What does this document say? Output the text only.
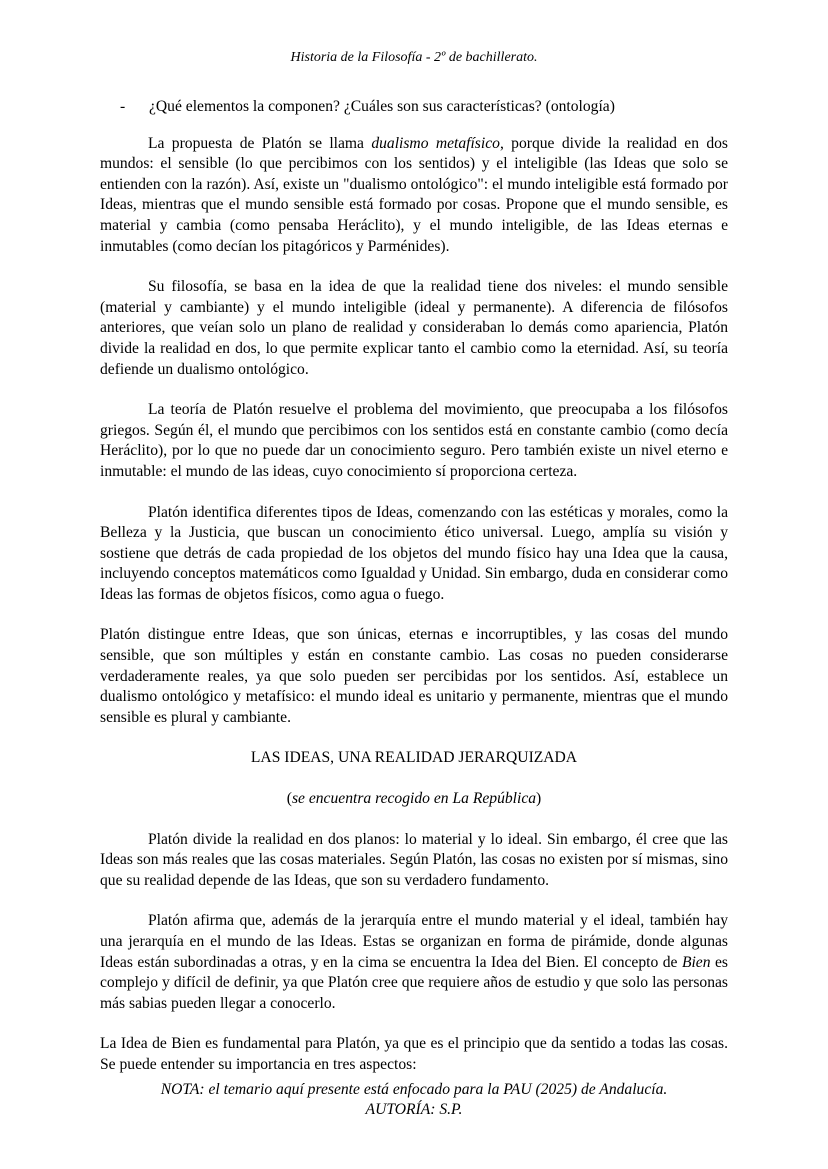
Historia de la Filosofía - 2º de bachillerato.
- ¿Qué elementos la componen? ¿Cuáles son sus características? (ontología)

La propuesta de Platón se llama dualismo metafísico, porque divide la realidad en dos mundos: el sensible (lo que percibimos con los sentidos) y el inteligible (las Ideas que solo se entienden con la razón). Así, existe un "dualismo ontológico": el mundo inteligible está formado por Ideas, mientras que el mundo sensible está formado por cosas. Propone que el mundo sensible, es material y cambia (como pensaba Heráclito), y el mundo inteligible, de las Ideas eternas e inmutables (como decían los pitagóricos y Parménides).

Su filosofía, se basa en la idea de que la realidad tiene dos niveles: el mundo sensible (material y cambiante) y el mundo inteligible (ideal y permanente). A diferencia de filósofos anteriores, que veían solo un plano de realidad y consideraban lo demás como apariencia, Platón divide la realidad en dos, lo que permite explicar tanto el cambio como la eternidad. Así, su teoría defiende un dualismo ontológico.

La teoría de Platón resuelve el problema del movimiento, que preocupaba a los filósofos griegos. Según él, el mundo que percibimos con los sentidos está en constante cambio (como decía Heráclito), por lo que no puede dar un conocimiento seguro. Pero también existe un nivel eterno e inmutable: el mundo de las ideas, cuyo conocimiento sí proporciona certeza.

Platón identifica diferentes tipos de Ideas, comenzando con las estéticas y morales, como la Belleza y la Justicia, que buscan un conocimiento ético universal. Luego, amplía su visión y sostiene que detrás de cada propiedad de los objetos del mundo físico hay una Idea que la causa, incluyendo conceptos matemáticos como Igualdad y Unidad. Sin embargo, duda en considerar como Ideas las formas de objetos físicos, como agua o fuego.

Platón distingue entre Ideas, que son únicas, eternas e incorruptibles, y las cosas del mundo sensible, que son múltiples y están en constante cambio. Las cosas no pueden considerarse verdaderamente reales, ya que solo pueden ser percibidas por los sentidos. Así, establece un dualismo ontológico y metafísico: el mundo ideal es unitario y permanente, mientras que el mundo sensible es plural y cambiante.

LAS IDEAS, UNA REALIDAD JERARQUIZADA
(se encuentra recogido en La República)

Platón divide la realidad en dos planos: lo material y lo ideal. Sin embargo, él cree que las Ideas son más reales que las cosas materiales. Según Platón, las cosas no existen por sí mismas, sino que su realidad depende de las Ideas, que son su verdadero fundamento.

Platón afirma que, además de la jerarquía entre el mundo material y el ideal, también hay una jerarquía en el mundo de las Ideas. Estas se organizan en forma de pirámide, donde algunas Ideas están subordinadas a otras, y en la cima se encuentra la Idea del Bien. El concepto de Bien es complejo y difícil de definir, ya que Platón cree que requiere años de estudio y que solo las personas más sabias pueden llegar a conocerlo.

La Idea de Bien es fundamental para Platón, ya que es el principio que da sentido a todas las cosas. Se puede entender su importancia en tres aspectos:

NOTA: el temario aquí presente está enfocado para la PAU (2025) de Andalucía.
AUTORÍA: S.P.
